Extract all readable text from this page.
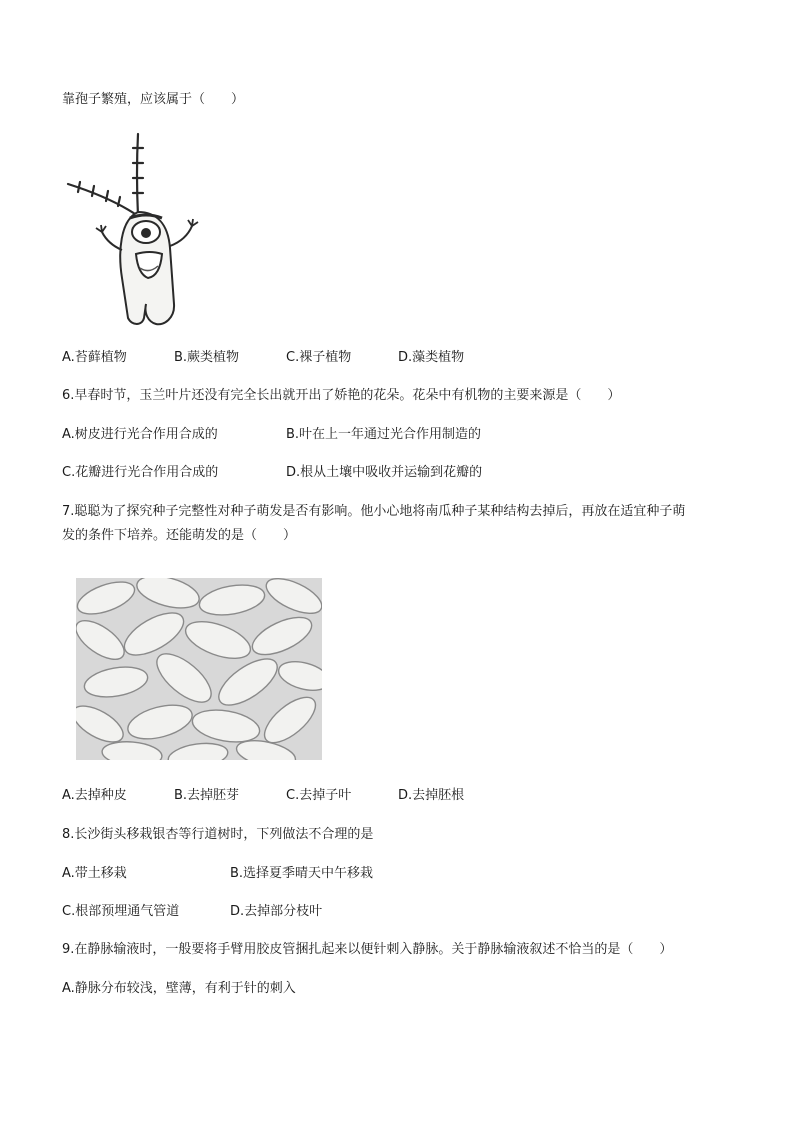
靠孢子繁殖，应该属于（　　）
A.苔藓植物	B.蕨类植物	C.裸子植物	D.藻类植物
6.早春时节，玉兰叶片还没有完全长出就开出了娇艳的花朵。花朵中有机物的主要来源是（　　）
A.树皮进行光合作用合成的	B.叶在上一年通过光合作用制造的
C.花瓣进行光合作用合成的	D.根从土壤中吸收并运输到花瓣的
7.聪聪为了探究种子完整性对种子萌发是否有影响。他小心地将南瓜种子某种结构去掉后，再放在适宜种子萌
发的条件下培养。还能萌发的是（　　）
A.去掉种皮	B.去掉胚芽	C.去掉子叶	D.去掉胚根
8.长沙街头移栽银杏等行道树时，下列做法不合理的是
A.带土移栽	B.选择夏季晴天中午移栽
C.根部预埋通气管道	D.去掉部分枝叶
9.在静脉输液时，一般要将手臂用胶皮管捆扎起来以便针刺入静脉。关于静脉输液叙述不恰当的是（　　）
A.静脉分布较浅，壁薄，有利于针的刺入
